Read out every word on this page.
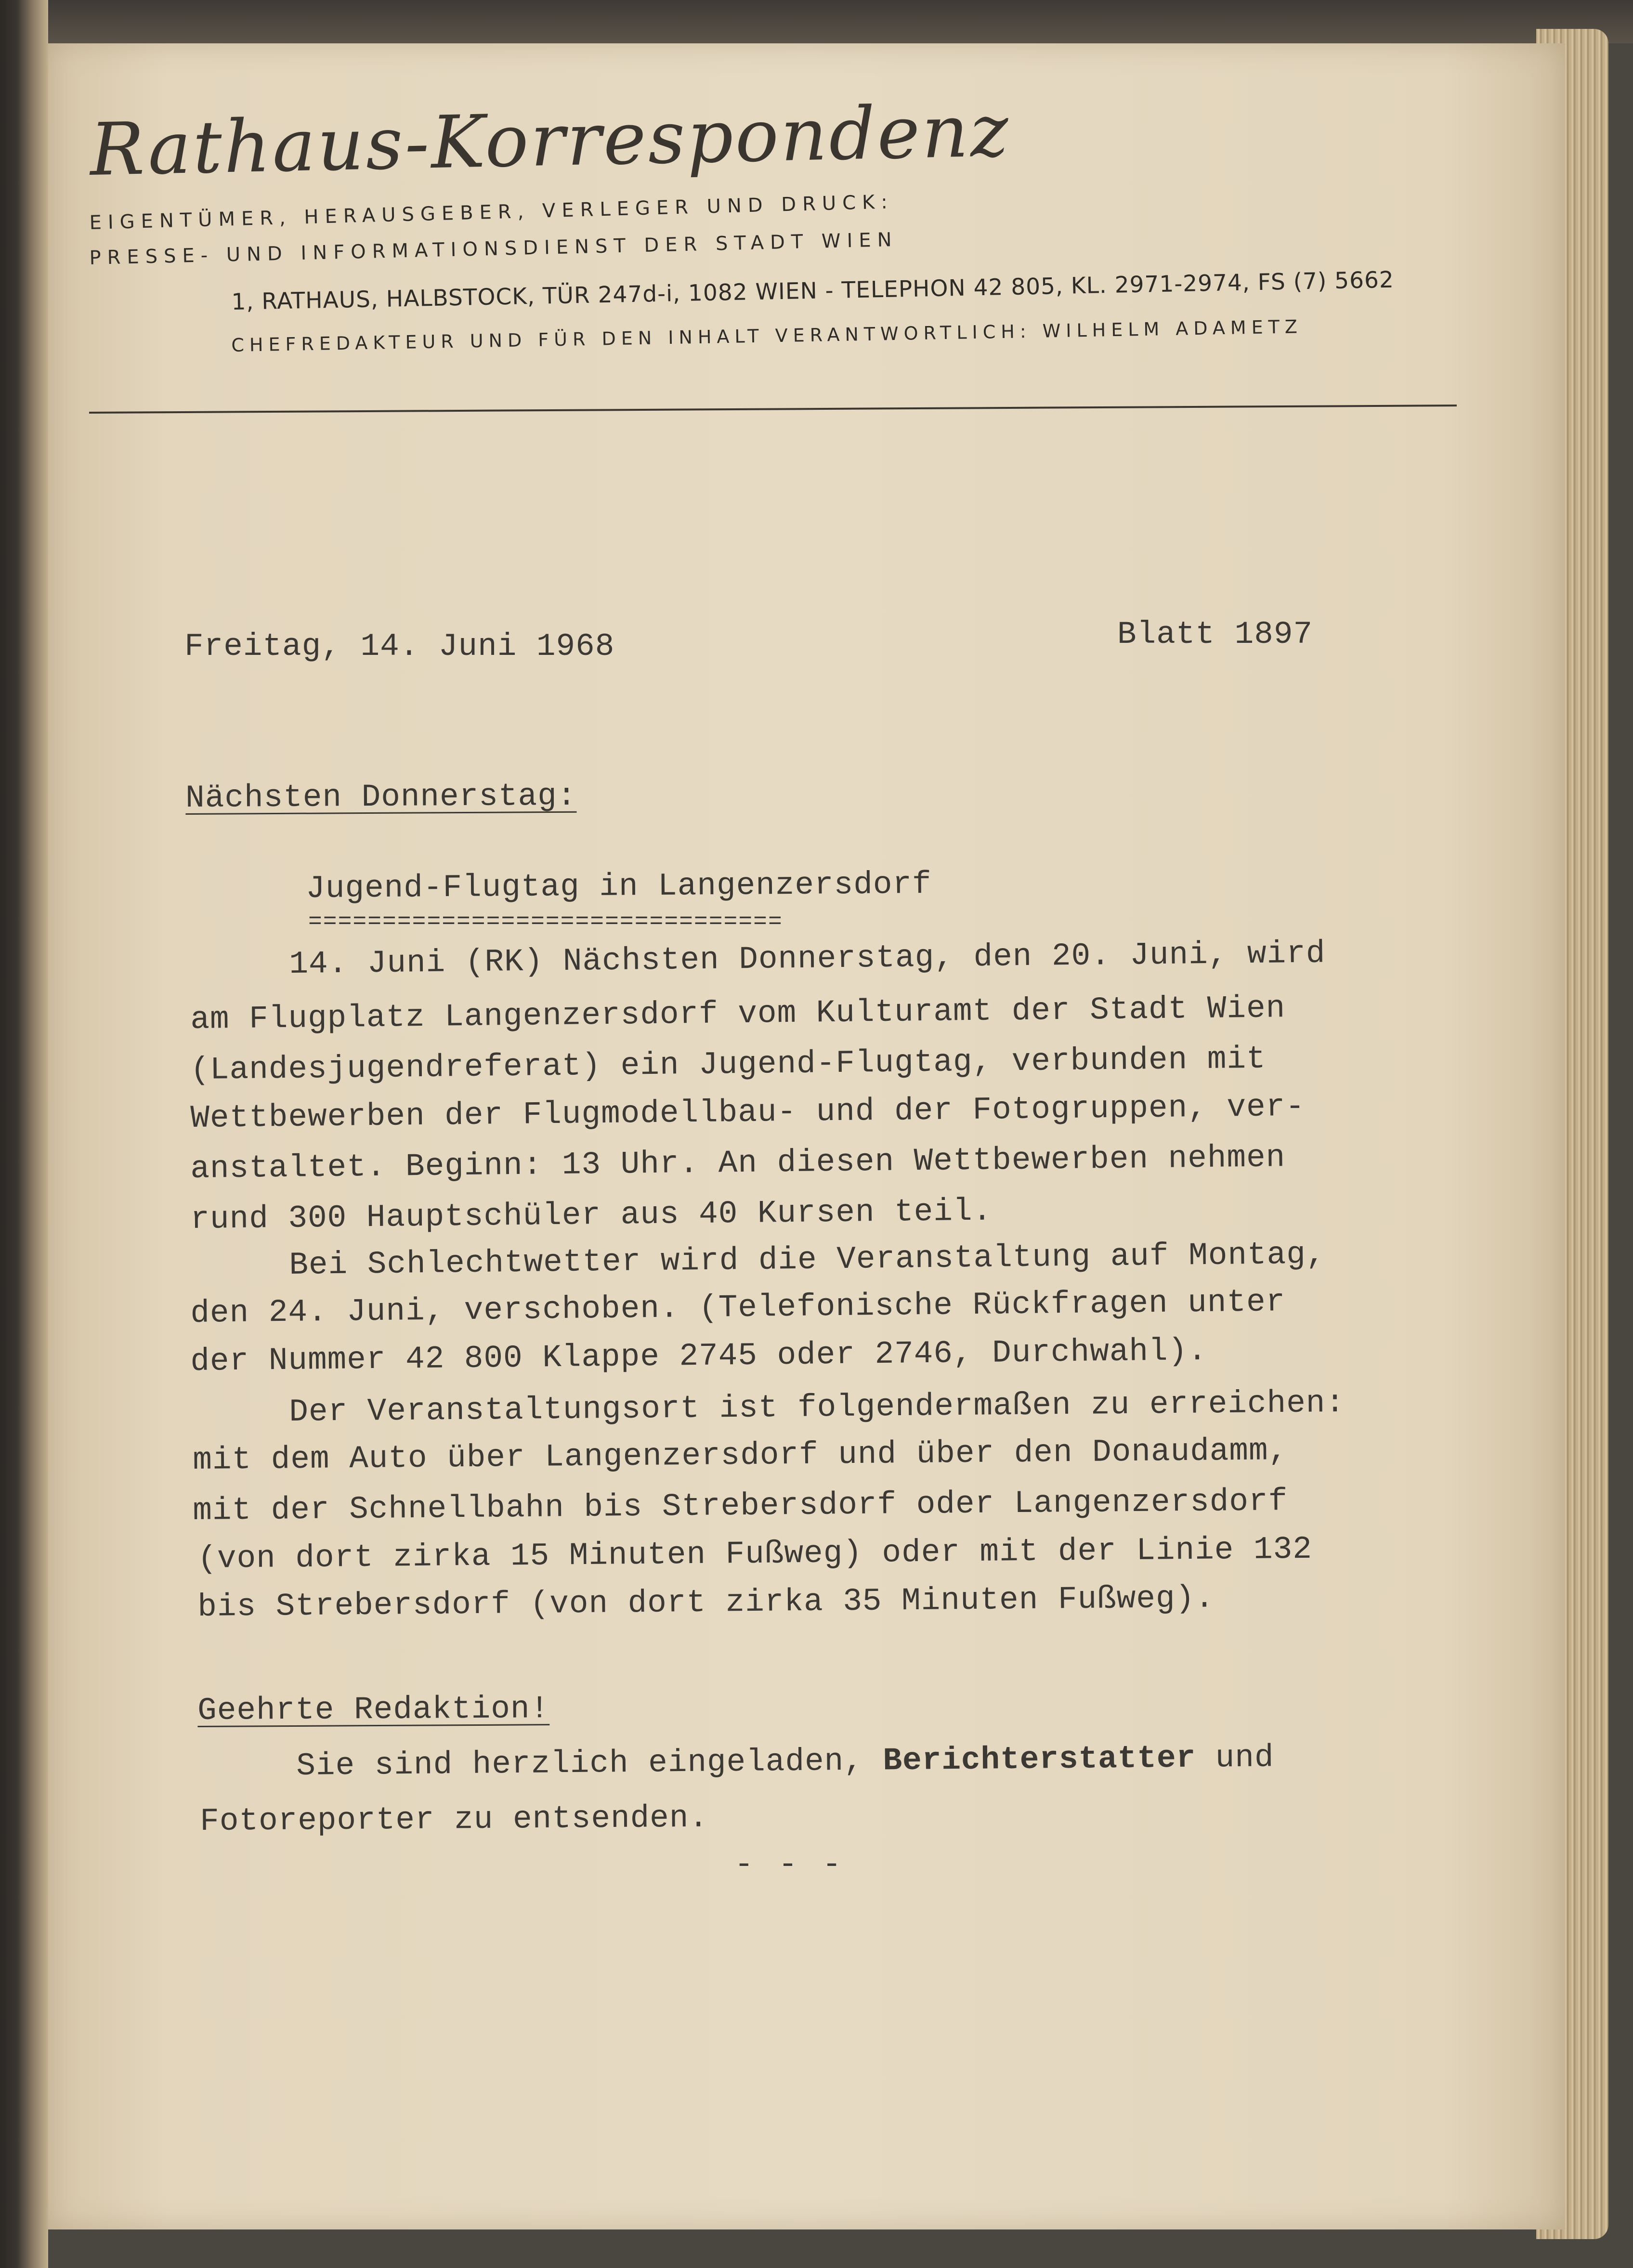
Rathaus-Korrespondenz

EIGENTÜMER, HERAUSGEBER, VERLEGER UND DRUCK:

PRESSE- UND INFORMATIONSDIENST DER STADT WIEN

1, RATHAUS, HALBSTOCK, TÜR 247d-i, 1082 WIEN - TELEPHON 42 805, KL. 2971-2974, FS (7) 5662

CHEFREDAKTEUR UND FÜR DEN INHALT VERANTWORTLICH: WILHELM ADAMETZ

Freitag, 14. Juni 1968	Blatt 1897

Nächsten Donnerstag:

Jugend-Flugtag in Langenzersdorf

================================

14. Juni (RK) Nächsten Donnerstag, den 20. Juni, wird

am Flugplatz Langenzersdorf vom Kulturamt der Stadt Wien

(Landesjugendreferat) ein Jugend-Flugtag, verbunden mit

Wettbewerben der Flugmodellbau- und der Fotogruppen, ver-

anstaltet. Beginn: 13 Uhr. An diesen Wettbewerben nehmen

rund 300 Hauptschüler aus 40 Kursen teil.

Bei Schlechtwetter wird die Veranstaltung auf Montag,

den 24. Juni, verschoben. (Telefonische Rückfragen unter

der Nummer 42 800 Klappe 2745 oder 2746, Durchwahl).

Der Veranstaltungsort ist folgendermaßen zu erreichen:

mit dem Auto über Langenzersdorf und über den Donaudamm,

mit der Schnellbahn bis Strebersdorf oder Langenzersdorf

(von dort zirka 15 Minuten Fußweg) oder mit der Linie 132

bis Strebersdorf (von dort zirka 35 Minuten Fußweg).

Geehrte Redaktion!

Sie sind herzlich eingeladen, Berichterstatter und

Fotoreporter zu entsenden.

- - -
